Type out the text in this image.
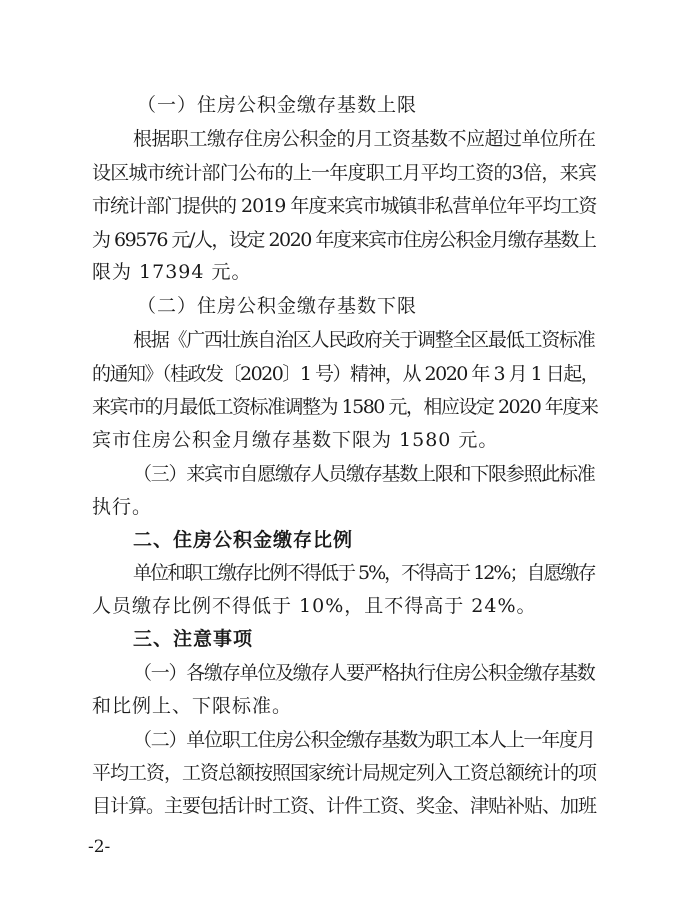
（一）住房公积金缴存基数上限
根据职工缴存住房公积金的月工资基数不应超过单位所在
设区城市统计部门公布的上一年度职工月平均工资的3倍，来宾
市统计部门提供的 2019 年度来宾市城镇非私营单位年平均工资
为 69576 元/人，设定 2020 年度来宾市住房公积金月缴存基数上
限为 17394 元。
（二）住房公积金缴存基数下限
根据《广西壮族自治区人民政府关于调整全区最低工资标准
的通知》（桂政发〔2020〕1 号）精神，从 2020 年 3 月 1 日起，
来宾市的月最低工资标准调整为 1580 元，相应设定 2020 年度来
宾市住房公积金月缴存基数下限为 1580 元。
（三）来宾市自愿缴存人员缴存基数上限和下限参照此标准
执行。
二、住房公积金缴存比例
单位和职工缴存比例不得低于 5%，不得高于 12%；自愿缴存
人员缴存比例不得低于 10%，且不得高于 24%。
三、注意事项
（一）各缴存单位及缴存人要严格执行住房公积金缴存基数
和比例上、下限标准。
（二）单位职工住房公积金缴存基数为职工本人上一年度月
平均工资，工资总额按照国家统计局规定列入工资总额统计的项
目计算。主要包括计时工资、计件工资、奖金、津贴补贴、加班
-2-
